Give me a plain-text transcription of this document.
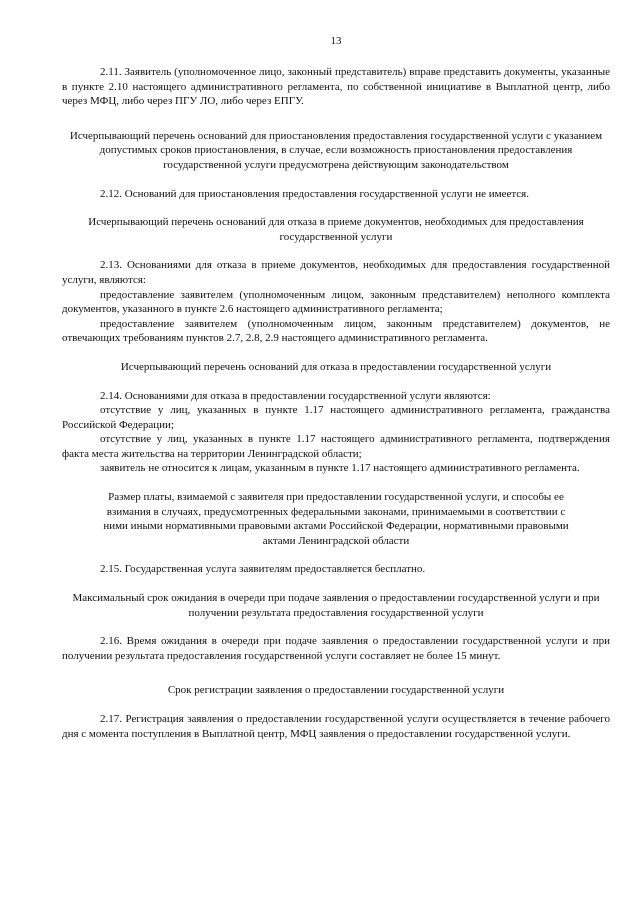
13

2.11. Заявитель (уполномоченное лицо, законный представитель) вправе представить документы, указанные в пункте 2.10 настоящего административного регламента, по собственной инициативе в Выплатной центр, либо через МФЦ, либо через ПГУ ЛО, либо через ЕПГУ.

Исчерпывающий перечень оснований для приостановления предоставления государственной услуги с указанием допустимых сроков приостановления, в случае, если возможность приостановления предоставления государственной услуги предусмотрена действующим законодательством

2.12. Оснований для приостановления предоставления государственной услуги не имеется.

Исчерпывающий перечень оснований для отказа в приеме документов, необходимых для предоставления государственной услуги

2.13. Основаниями для отказа в приеме документов, необходимых для предоставления государственной услуги, являются:

предоставление заявителем (уполномоченным лицом, законным представителем) неполного комплекта документов, указанного в пункте 2.6 настоящего административного регламента;

предоставление заявителем (уполномоченным лицом, законным представителем) документов, не отвечающих требованиям пунктов 2.7, 2.8, 2.9 настоящего административного регламента.

Исчерпывающий перечень оснований для отказа в предоставлении государственной услуги

2.14. Основаниями для отказа в предоставлении государственной услуги являются:

отсутствие у лиц, указанных в пункте 1.17 настоящего административного регламента, гражданства Российской Федерации;

отсутствие у лиц, указанных в пункте 1.17 настоящего административного регламента, подтверждения факта места жительства на территории Ленинградской области;

заявитель не относится к лицам, указанным в пункте 1.17 настоящего административного регламента.

Размер платы, взимаемой с заявителя при предоставлении государственной услуги, и способы ее взимания в случаях, предусмотренных федеральными законами, принимаемыми в соответствии с ними иными нормативными правовыми актами Российской Федерации, нормативными правовыми актами Ленинградской области

2.15. Государственная услуга заявителям предоставляется бесплатно.

Максимальный срок ожидания в очереди при подаче заявления о предоставлении государственной услуги и при получении результата предоставления государственной услуги

2.16. Время ожидания в очереди при подаче заявления о предоставлении государственной услуги и при получении результата предоставления государственной услуги составляет не более 15 минут.

Срок регистрации заявления о предоставлении государственной услуги

2.17. Регистрация заявления о предоставлении государственной услуги осуществляется в течение рабочего дня с момента поступления в Выплатной центр, МФЦ заявления о предоставлении государственной услуги.
